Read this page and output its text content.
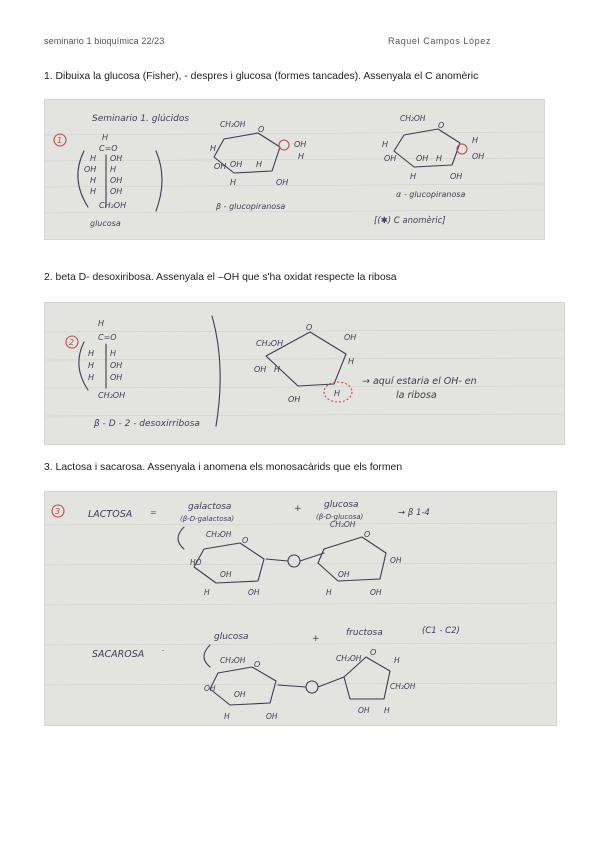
seminario 1 bioquímica 22/23	Raquel Campos López
1. Dibuixa la glucosa (Fisher), - despres i glucosa (formes tancades). Assenyala el C anomèric
2. beta D- desoxiribosa. Assenyala el –OH que s'ha oxidat respecte la ribosa
3. Lactosa i sacarosa. Assenyala i anomena els monosacàrids que els formen
Seminario 1. glúcidos
1	H
C=O
H OH
OH H
H OH
H OH
CH₂OH
glucosa
CH₂OH
O
OH
H
H
OH OH H
H	OH
β - glucopiranosa
CH₂OH
O
H
OH
H
OH OH H
H	OH
α - glucopiranosa
[(✱) C anomèric]
2
H
C=O
H H
H OH
H OH
CH₂OH
β - D - 2 - desoxirribosa
CH₂OH
O
OH
H
OH H
OH
H
→ aquí estaria el OH- en
la ribosa
3	LACTOSA =
galactosa
(β-D-galactosa)
+ glucosa
(β-D-glucosa)	→ β 1-4
CH₂OH
O
HO
OH
H	OH
CH₂OH
O
OH
OH
H	OH
SACAROSA
.
glucosa	+
fructosa	(C1 - C2)
CH₂OH O
OH
OH
H	OH
CH₂OH
O
H
CH₂OH
OH H
